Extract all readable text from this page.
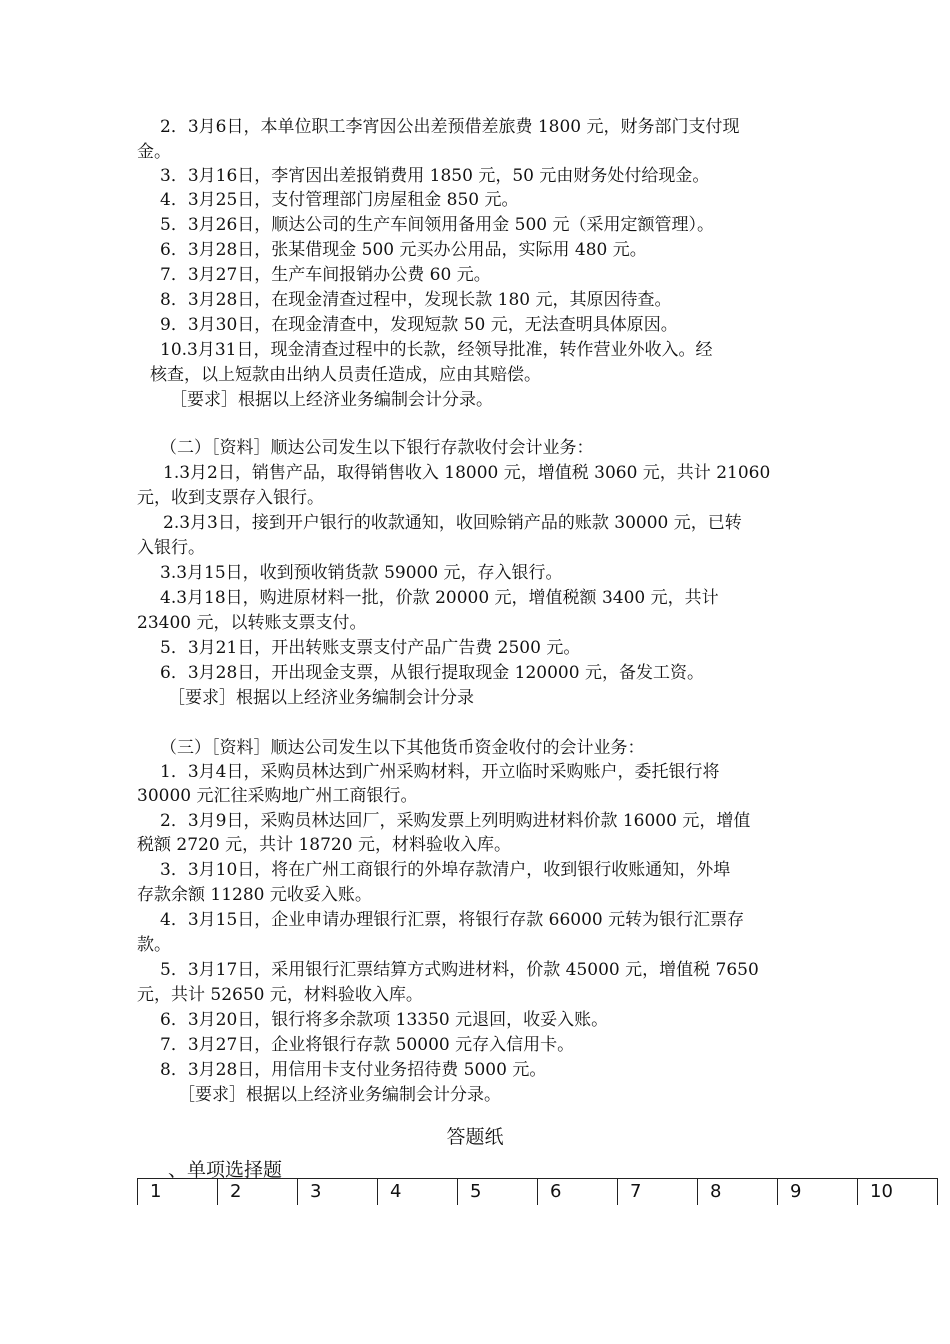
2．3月6日，本单位职工李宵因公出差预借差旅费 1800 元，财务部门支付现
金。
3．3月16日，李宵因出差报销费用 1850 元，50 元由财务处付给现金。
4．3月25日，支付管理部门房屋租金 850 元。
5．3月26日，顺达公司的生产车间领用备用金 500 元（采用定额管理）。
6．3月28日，张某借现金 500 元买办公用品，实际用 480 元。
7．3月27日，生产车间报销办公费 60 元。
8．3月28日，在现金清查过程中，发现长款 180 元，其原因待查。
9．3月30日，在现金清查中，发现短款 50 元，无法查明具体原因。
10.3月31日，现金清查过程中的长款，经领导批准，转作营业外收入。经
核查，以上短款由出纳人员责任造成，应由其赔偿。
［要求］根据以上经济业务编制会计分录。
（二）［资料］顺达公司发生以下银行存款收付会计业务：
1.3月2日，销售产品，取得销售收入 18000 元，增值税 3060 元，共计 21060
元，收到支票存入银行。
2.3月3日，接到开户银行的收款通知，收回赊销产品的账款 30000 元，已转
入银行。
3.3月15日，收到预收销货款 59000 元，存入银行。
4.3月18日，购进原材料一批，价款 20000 元，增值税额 3400 元，共计
23400 元，以转账支票支付。
5．3月21日，开出转账支票支付产品广告费 2500 元。
6．3月28日，开出现金支票，从银行提取现金 120000 元，备发工资。
［要求］根据以上经济业务编制会计分录
（三）［资料］顺达公司发生以下其他货币资金收付的会计业务：
1．3月4日，采购员林达到广州采购材料，开立临时采购账户，委托银行将
30000 元汇往采购地广州工商银行。
2．3月9日，采购员林达回厂，采购发票上列明购进材料价款 16000 元，增值
税额 2720 元，共计 18720 元，材料验收入库。
3．3月10日，将在广州工商银行的外埠存款清户，收到银行收账通知，外埠
存款余额 11280 元收妥入账。
4．3月15日，企业申请办理银行汇票，将银行存款 66000 元转为银行汇票存
款。
5．3月17日，采用银行汇票结算方式购进材料，价款 45000 元，增值税 7650
元，共计 52650 元，材料验收入库。
6．3月20日，银行将多余款项 13350 元退回，收妥入账。
7．3月27日，企业将银行存款 50000 元存入信用卡。
8．3月28日，用信用卡支付业务招待费 5000 元。
［要求］根据以上经济业务编制会计分录。
答题纸
、单项选择题
1	2	3	4	5	6	7	8	9	10
